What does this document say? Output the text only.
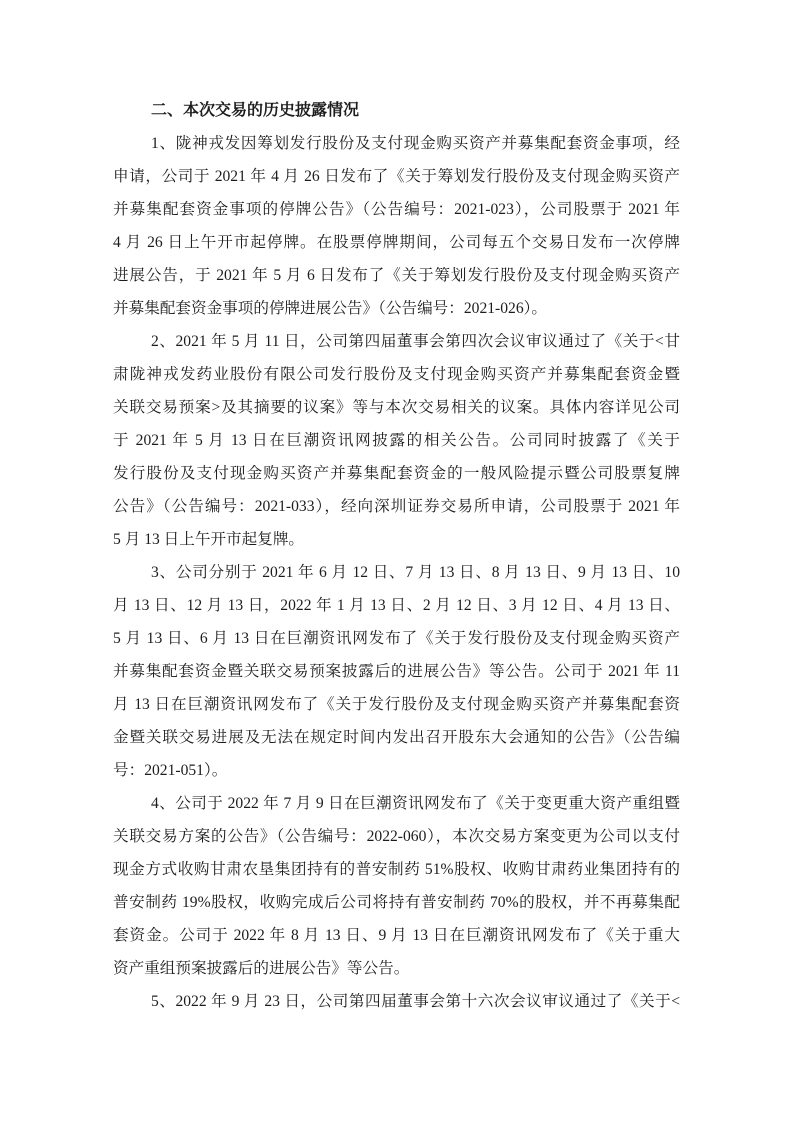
二、本次交易的历史披露情况

1、陇神戎发因筹划发行股份及支付现金购买资产并募集配套资金事项，经
申请，公司于 2021 年 4 月 26 日发布了《关于筹划发行股份及支付现金购买资产
并募集配套资金事项的停牌公告》（公告编号：2021-023），公司股票于 2021 年
4 月 26 日上午开市起停牌。在股票停牌期间，公司每五个交易日发布一次停牌
进展公告，于 2021 年 5 月 6 日发布了《关于筹划发行股份及支付现金购买资产
并募集配套资金事项的停牌进展公告》（公告编号：2021-026）。

2、2021 年 5 月 11 日，公司第四届董事会第四次会议审议通过了《关于<甘
肃陇神戎发药业股份有限公司发行股份及支付现金购买资产并募集配套资金暨
关联交易预案>及其摘要的议案》等与本次交易相关的议案。具体内容详见公司
于 2021 年 5 月 13 日在巨潮资讯网披露的相关公告。公司同时披露了《关于
发行股份及支付现金购买资产并募集配套资金的一般风险提示暨公司股票复牌
公告》（公告编号：2021-033），经向深圳证券交易所申请，公司股票于 2021 年
5 月 13 日上午开市起复牌。

3、公司分别于 2021 年 6 月 12 日、7 月 13 日、8 月 13 日、9 月 13 日、10
月 13 日、12 月 13 日，2022 年 1 月 13 日、2 月 12 日、3 月 12 日、4 月 13 日、
5 月 13 日、6 月 13 日在巨潮资讯网发布了《关于发行股份及支付现金购买资产
并募集配套资金暨关联交易预案披露后的进展公告》等公告。公司于 2021 年 11
月 13 日在巨潮资讯网发布了《关于发行股份及支付现金购买资产并募集配套资
金暨关联交易进展及无法在规定时间内发出召开股东大会通知的公告》（公告编
号：2021-051）。

4、公司于 2022 年 7 月 9 日在巨潮资讯网发布了《关于变更重大资产重组暨
关联交易方案的公告》（公告编号：2022-060），本次交易方案变更为公司以支付
现金方式收购甘肃农垦集团持有的普安制药 51%股权、收购甘肃药业集团持有的
普安制药 19%股权，收购完成后公司将持有普安制药 70%的股权，并不再募集配
套资金。公司于 2022 年 8 月 13 日、9 月 13 日在巨潮资讯网发布了《关于重大
资产重组预案披露后的进展公告》等公告。

5、2022 年 9 月 23 日，公司第四届董事会第十六次会议审议通过了《关于<
